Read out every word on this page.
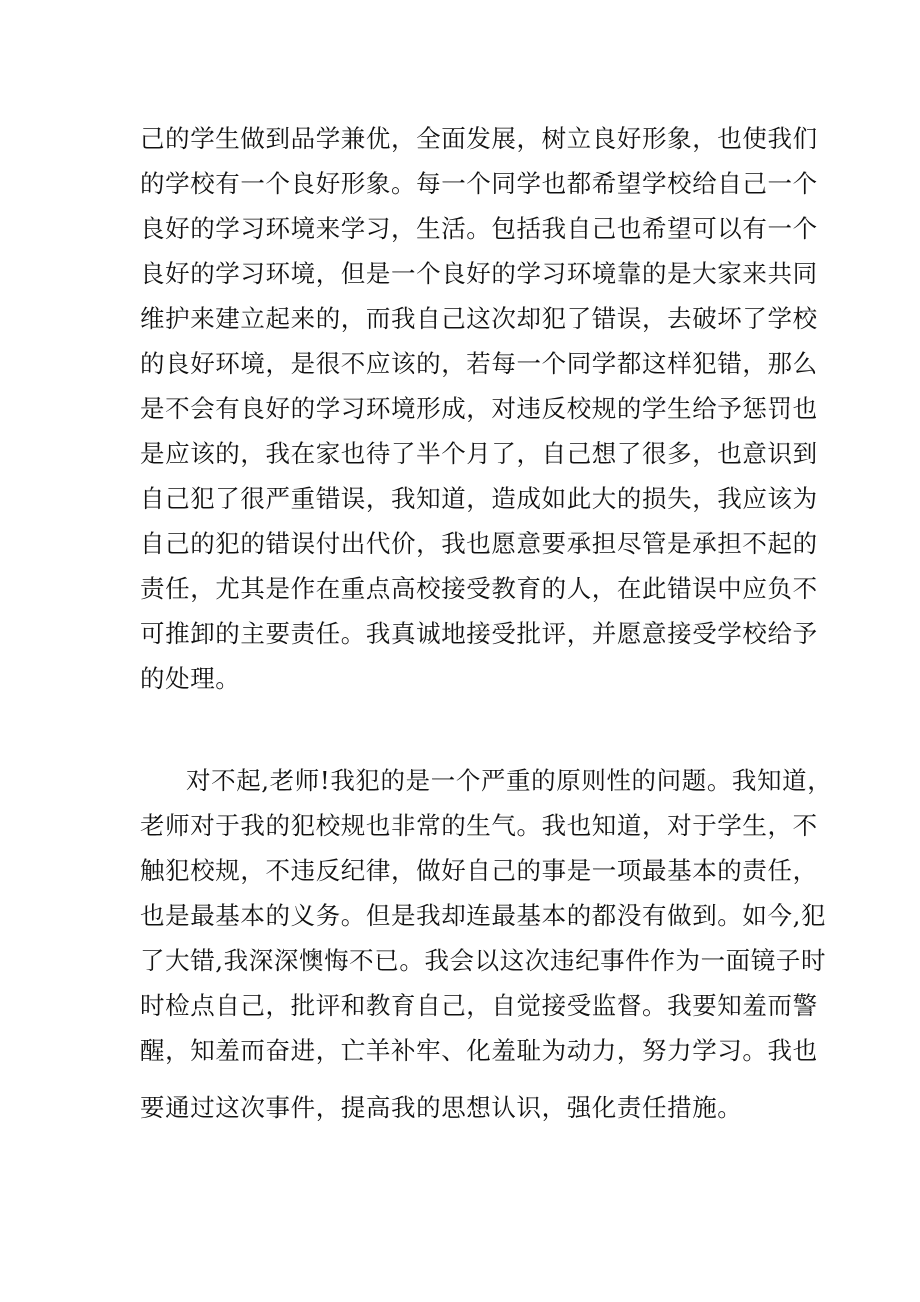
己的学生做到品学兼优，全面发展，树立良好形象，也使我们
的学校有一个良好形象。每一个同学也都希望学校给自己一个
良好的学习环境来学习，生活。包括我自己也希望可以有一个
良好的学习环境，但是一个良好的学习环境靠的是大家来共同
维护来建立起来的，而我自己这次却犯了错误，去破坏了学校
的良好环境，是很不应该的，若每一个同学都这样犯错，那么
是不会有良好的学习环境形成，对违反校规的学生给予惩罚也
是应该的，我在家也待了半个月了，自己想了很多，也意识到
自己犯了很严重错误，我知道，造成如此大的损失，我应该为
自己的犯的错误付出代价，我也愿意要承担尽管是承担不起的
责任，尤其是作在重点高校接受教育的人，在此错误中应负不
可推卸的主要责任。我真诚地接受批评，并愿意接受学校给予
的处理。
对不起,老师!我犯的是一个严重的原则性的问题。我知道，
老师对于我的犯校规也非常的生气。我也知道，对于学生，不
触犯校规，不违反纪律，做好自己的事是一项最基本的责任，
也是最基本的义务。但是我却连最基本的都没有做到。如今,犯
了大错,我深深懊悔不已。我会以这次违纪事件作为一面镜子时
时检点自己，批评和教育自己，自觉接受监督。我要知羞而警
醒，知羞而奋进，亡羊补牢、化羞耻为动力，努力学习。我也
要通过这次事件，提高我的思想认识，强化责任措施。
